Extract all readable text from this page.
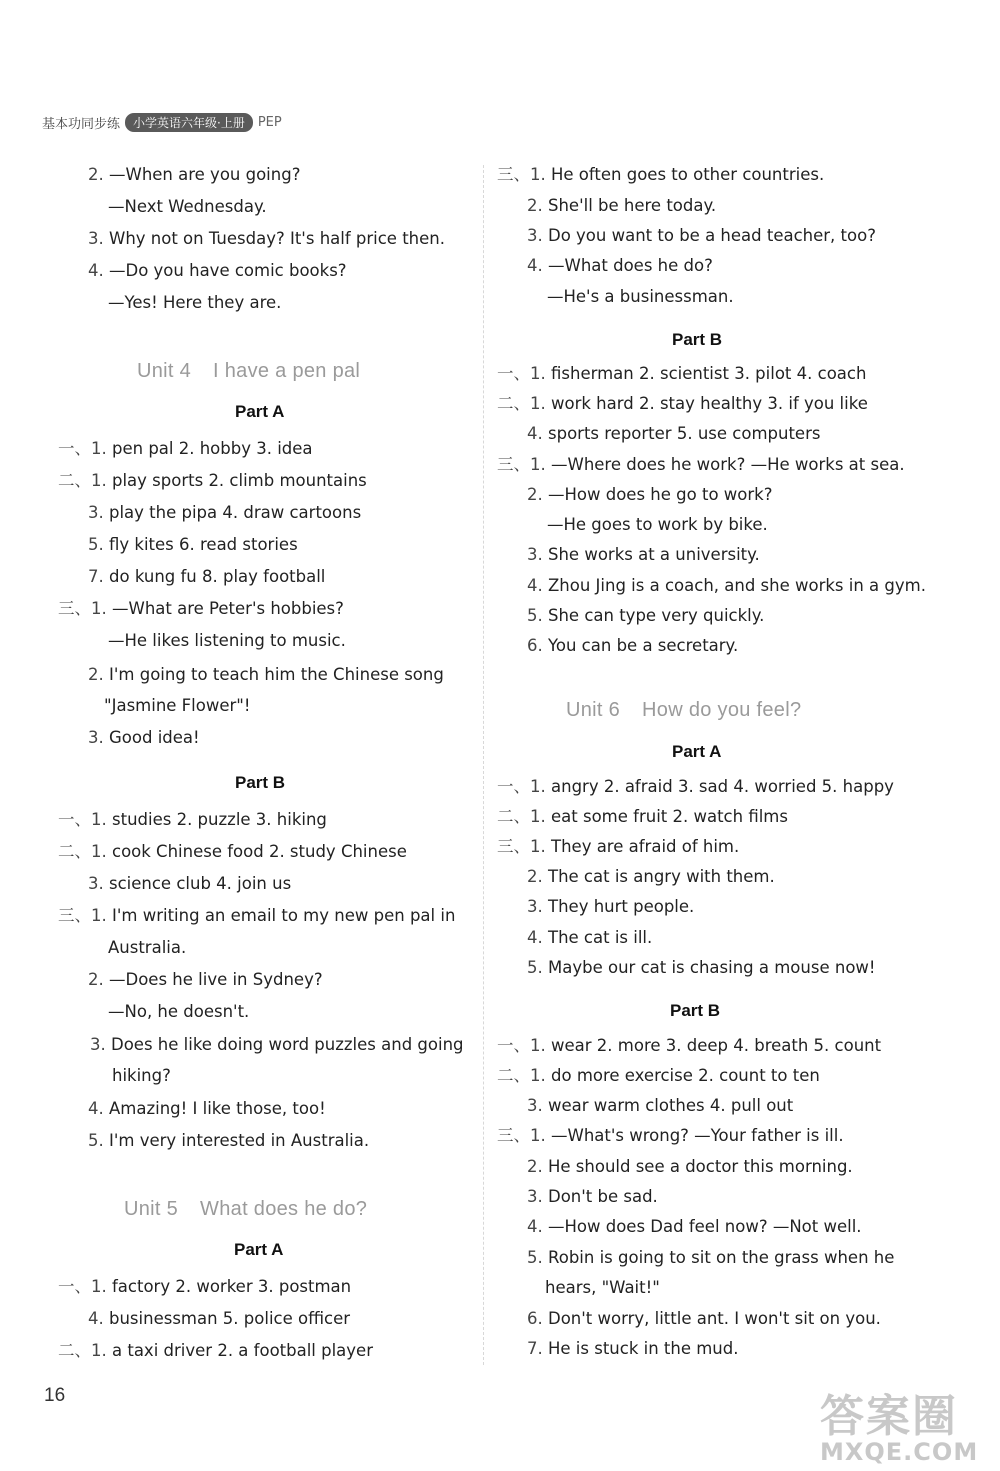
基本功同步练	小学英语六年级·上册	PEP
2. —When are you going?
—Next Wednesday.
3. Why not on Tuesday? It's half price then.
4. —Do you have comic books?
—Yes! Here they are.
Unit 4 I have a pen pal
Part A
一、1. pen pal 2. hobby 3. idea
二、1. play sports 2. climb mountains
3. play the pipa 4. draw cartoons
5. fly kites 6. read stories
7. do kung fu 8. play football
三、1. —What are Peter's hobbies?
—He likes listening to music.
2. I'm going to teach him the Chinese song
"Jasmine Flower"!
3. Good idea!
Part B
一、1. studies 2. puzzle 3. hiking
二、1. cook Chinese food 2. study Chinese
3. science club 4. join us
三、1. I'm writing an email to my new pen pal in
Australia.
2. —Does he live in Sydney?
—No, he doesn't.
3. Does he like doing word puzzles and going
hiking?
4. Amazing! I like those, too!
5. I'm very interested in Australia.
Unit 5 What does he do?
Part A
一、1. factory 2. worker 3. postman
4. businessman 5. police officer
二、1. a taxi driver 2. a football player
三、1. He often goes to other countries.
2. She'll be here today.
3. Do you want to be a head teacher, too?
4. —What does he do?
—He's a businessman.
Part B
一、1. fisherman 2. scientist 3. pilot 4. coach
二、1. work hard 2. stay healthy 3. if you like
4. sports reporter 5. use computers
三、1. —Where does he work? —He works at sea.
2. —How does he go to work?
—He goes to work by bike.
3. She works at a university.
4. Zhou Jing is a coach, and she works in a gym.
5. She can type very quickly.
6. You can be a secretary.
Unit 6 How do you feel?
Part A
一、1. angry 2. afraid 3. sad 4. worried 5. happy
二、1. eat some fruit 2. watch films
三、1. They are afraid of him.
2. The cat is angry with them.
3. They hurt people.
4. The cat is ill.
5. Maybe our cat is chasing a mouse now!
Part B
一、1. wear 2. more 3. deep 4. breath 5. count
二、1. do more exercise 2. count to ten
3. wear warm clothes 4. pull out
三、1. —What's wrong? —Your father is ill.
2. He should see a doctor this morning.
3. Don't be sad.
4. —How does Dad feel now? —Not well.
5. Robin is going to sit on the grass when he
hears, "Wait!"
6. Don't worry, little ant. I won't sit on you.
7. He is stuck in the mud.
16	答案圈
MXQE.COM
